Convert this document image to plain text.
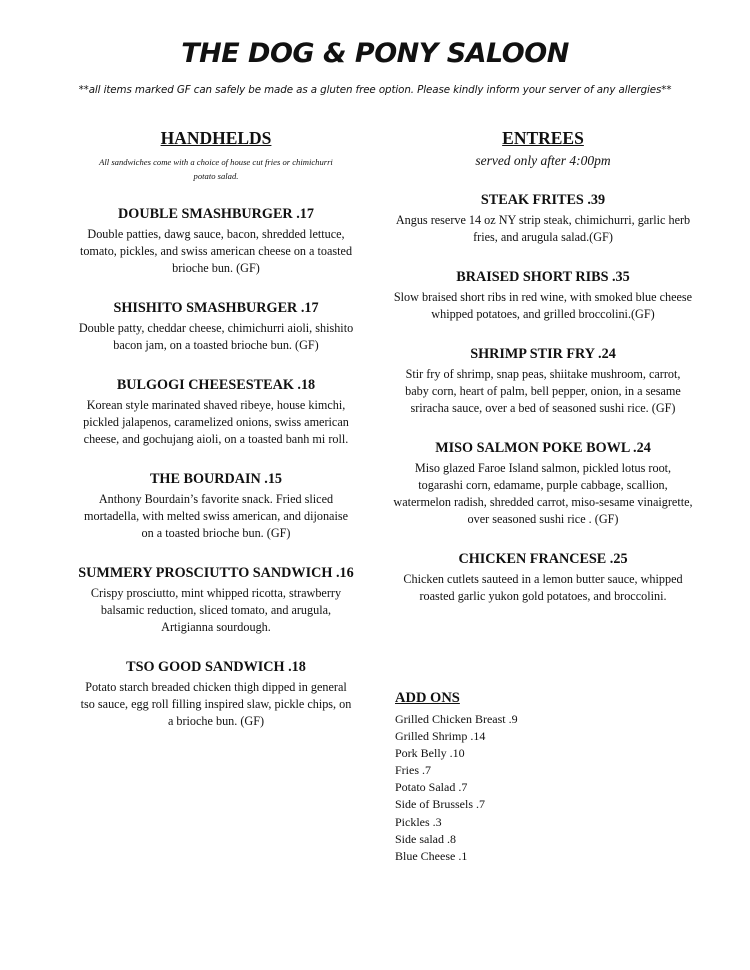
THE DOG & PONY SALOON
**all items marked GF can safely be made as a gluten free option. Please kindly inform your server of any allergies**
HANDHELDS

All sandwiches come with a choice of house cut fries or chimichurri potato salad.

DOUBLE SMASHBURGER .17

Double patties, dawg sauce, bacon, shredded lettuce, tomato, pickles, and swiss american cheese on a toasted brioche bun. (GF)

SHISHITO SMASHBURGER .17

Double patty, cheddar cheese, chimichurri aioli, shishito bacon jam, on a toasted brioche bun. (GF)

BULGOGI CHEESESTEAK .18

Korean style marinated shaved ribeye, house kimchi, pickled jalapenos, caramelized onions, swiss american cheese, and gochujang aioli, on a toasted banh mi roll.

THE BOURDAIN .15

Anthony Bourdain’s favorite snack. Fried sliced mortadella, with melted swiss american, and dijonaise on a toasted brioche bun. (GF)

SUMMERY PROSCIUTTO SANDWICH .16

Crispy prosciutto, mint whipped ricotta, strawberry balsamic reduction, sliced tomato, and arugula, Artigianna sourdough.

TSO GOOD SANDWICH .18

Potato starch breaded chicken thigh dipped in general tso sauce, egg roll filling inspired slaw, pickle chips, on a brioche bun. (GF)

ENTREES

served only after 4:00pm

STEAK FRITES .39

Angus reserve 14 oz NY strip steak, chimichurri, garlic herb fries, and arugula salad.(GF)

BRAISED SHORT RIBS .35

Slow braised short ribs in red wine, with smoked blue cheese whipped potatoes, and grilled broccolini.(GF)

SHRIMP STIR FRY .24

Stir fry of shrimp, snap peas, shiitake mushroom, carrot, baby corn, heart of palm, bell pepper, onion, in a sesame sriracha sauce, over a bed of seasoned sushi rice. (GF)

MISO SALMON POKE BOWL .24

Miso glazed Faroe Island salmon, pickled lotus root, togarashi corn, edamame, purple cabbage, scallion, watermelon radish, shredded carrot, miso-sesame vinaigrette, over seasoned sushi rice . (GF)

CHICKEN FRANCESE .25

Chicken cutlets sauteed in a lemon butter sauce, whipped roasted garlic yukon gold potatoes, and broccolini.

ADD ONS
Grilled Chicken Breast .9
Grilled Shrimp .14
Pork Belly .10
Fries .7
Potato Salad .7
Side of Brussels .7
Pickles .3
Side salad .8
Blue Cheese .1
